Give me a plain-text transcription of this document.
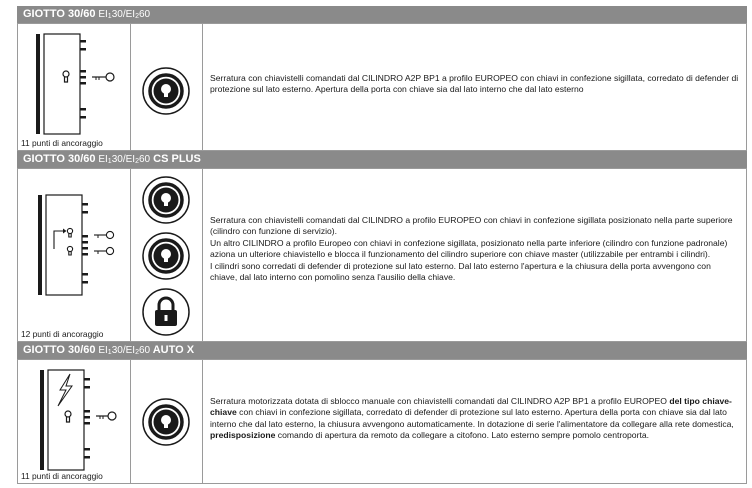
GIOTTO 30/60 $EI_130/EI_260$
11 punti di ancoraggio
Serratura con chiavistelli comandati dal CILINDRO A2P BP1 a profilo EUROPEO con chiavi in confezione sigillata, corredato di defender di protezione sul lato esterno. Apertura della porta con chiave sia dal lato interno che dal lato esterno
GIOTTO 30/60 $EI_130/EI_260$ CS PLUS
12 punti di ancoraggio

Serratura con chiavistelli comandati dal CILINDRO a profilo EUROPEO con chiavi in confezione sigillata posizionato nella parte superiore (cilindro con funzione di servizio).

Un altro CILINDRO a profilo Europeo con chiavi in confezione sigillata, posizionato nella parte inferiore (cilindro con funzione padronale) aziona un ulteriore chiavistello e blocca il funzionamento del cilindro superiore con chiave master (utilizzabile per entrambi i cilindri).

I cilindri sono corredati di defender di protezione sul lato esterno. Dal lato esterno l'apertura e la chiusura della porta avvengono con chiave, dal lato interno con pomolino senza l'ausilio della chiave.

GIOTTO 30/60 $EI_130/EI_260$ AUTO X
11 punti di ancoraggio
Serratura motorizzata dotata di sblocco manuale con chiavistelli comandati dal CILINDRO A2P BP1 a profilo EUROPEO del tipo chiave-chiave con chiavi in confezione sigillata, corredato di defender di protezione sul lato esterno. Apertura della porta con chiave sia dal lato interno che dal lato esterno, la chiusura avvengono automaticamente. In dotazione di serie l'alimentatore da collegare alla rete domestica, predisposizione comando di apertura da remoto da collegare a citofono. Lato esterno sempre pomolo centroporta.
